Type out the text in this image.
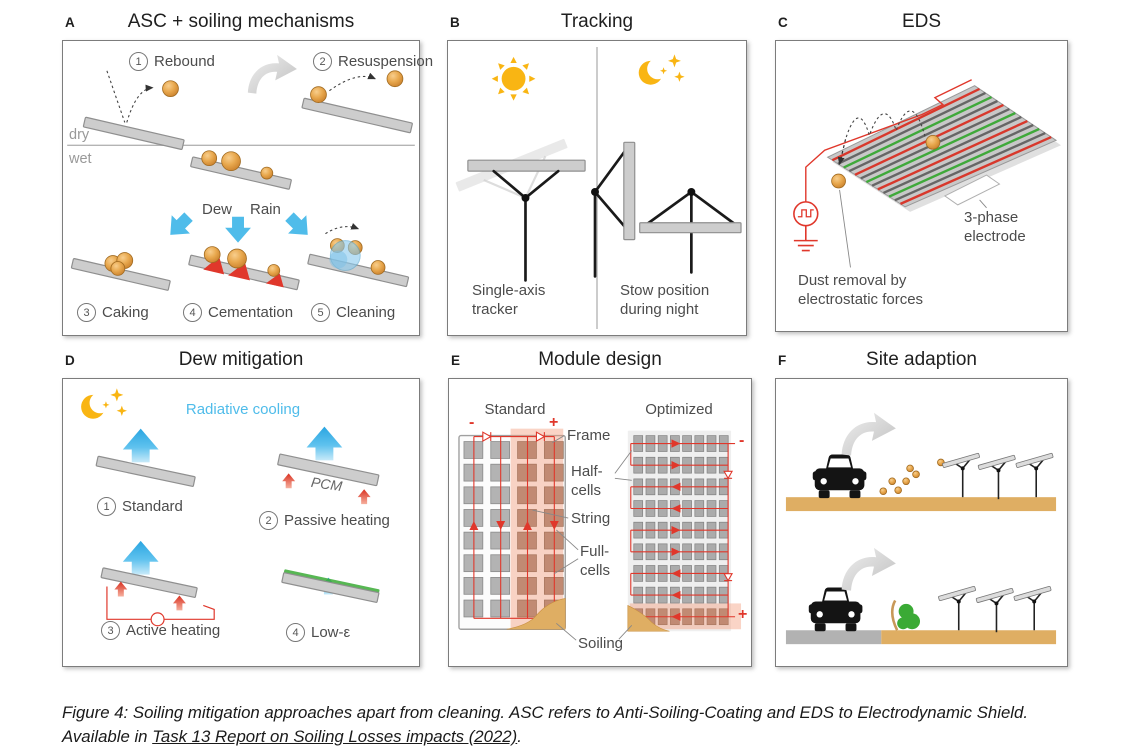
A	ASC + soiling mechanisms
1 Rebound	2 Resuspension
dry
wet
Dew Rain
3 Caking	4 Cementation	5 Cleaning
B	Tracking
Single-axis tracker
Stow position during night
C	EDS
3-phase electrode
Dust removal by electrostatic forces
D	Dew mitigation
Radiative cooling
PCM
1 Standard
2 Passive heating
3 Active heating	4 Low-ε
E	Module design
Standard	Optimized
-	+
-
+
Frame
Half-cells
String
Full-cells
Soiling
F	Site adaption

Figure 4: Soiling mitigation approaches apart from cleaning. ASC refers to Anti-Soiling-Coating and EDS to Electrodynamic Shield. Available in Task 13 Report on Soiling Losses impacts (2022).
